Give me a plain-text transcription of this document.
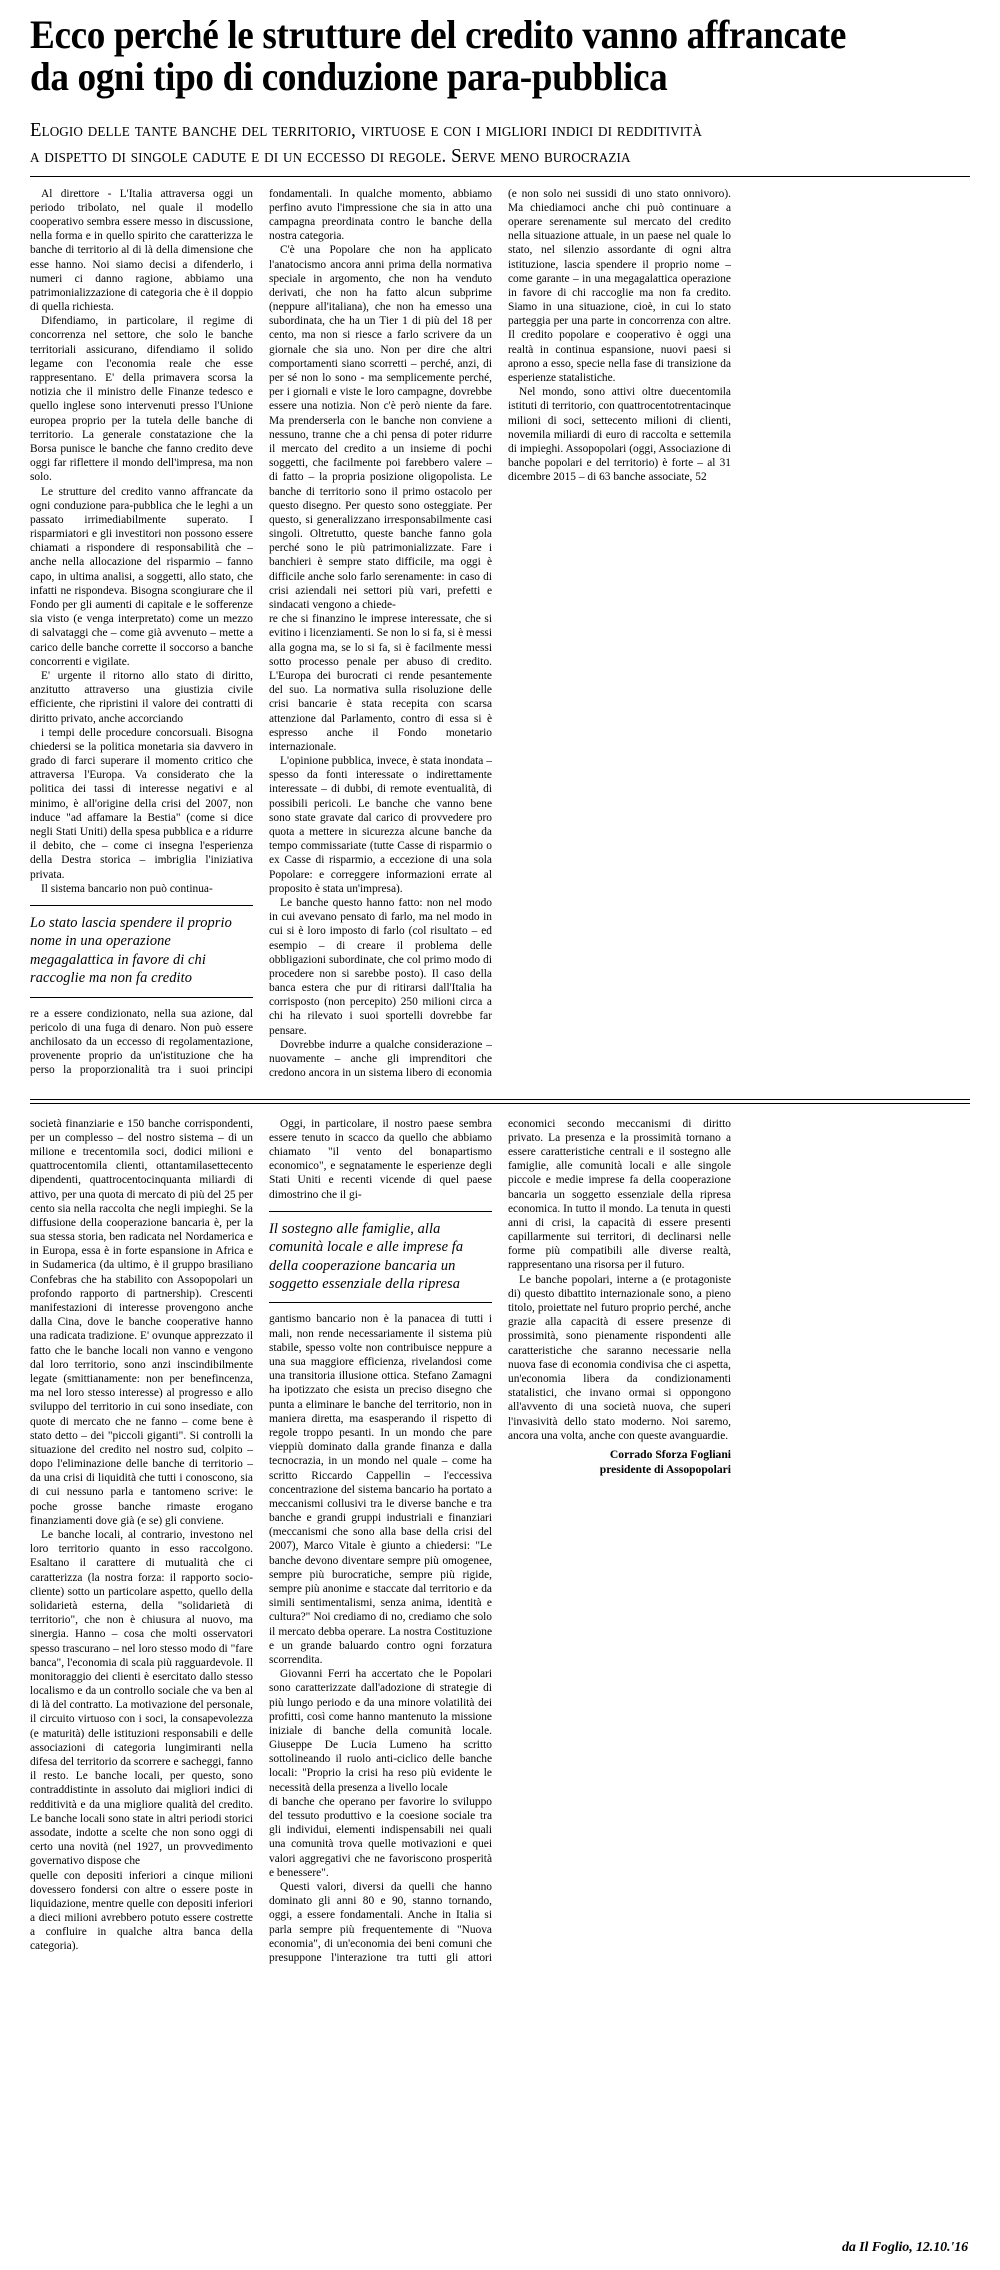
Ecco perché le strutture del credito vanno affrancate
da ogni tipo di conduzione para-pubblica
Elogio delle tante banche del territorio, virtuose e con i migliori indici di redditività
a dispetto di singole cadute e di un eccesso di regole. Serve meno burocrazia

Al direttore - L'Italia attraversa oggi un periodo tribolato, nel quale il modello cooperativo sembra essere messo in discussione, nella forma e in quello spirito che caratterizza le banche di territorio al di là della dimensione che esse hanno. Noi siamo decisi a difenderlo, i numeri ci danno ragione, abbiamo una patrimonializzazione di categoria che è il doppio di quella richiesta.

Difendiamo, in particolare, il regime di concorrenza nel settore, che solo le banche territoriali assicurano, difendiamo il solido legame con l'economia reale che esse rappresentano. E' della primavera scorsa la notizia che il ministro delle Finanze tedesco e quello inglese sono intervenuti presso l'Unione europea proprio per la tutela delle banche di territorio. La generale constatazione che la Borsa punisce le banche che fanno credito deve oggi far riflettere il mondo dell'impresa, ma non solo.

Le strutture del credito vanno affrancate da ogni conduzione para-pubblica che le leghi a un passato irrimediabilmente superato. I risparmiatori e gli investitori non possono essere chiamati a rispondere di responsabilità che – anche nella allocazione del risparmio – fanno capo, in ultima analisi, a soggetti, allo stato, che infatti ne rispondeva. Bisogna scongiurare che il Fondo per gli aumenti di capitale e le sofferenze sia visto (e venga interpretato) come un mezzo di salvataggi che – come già avvenuto – mette a carico delle banche corrette il soccorso a banche concorrenti e vigilate.

E' urgente il ritorno allo stato di diritto, anzitutto attraverso una giustizia civile efficiente, che ripristini il valore dei contratti di diritto privato, anche accorciando

i tempi delle procedure concorsuali. Bisogna chiedersi se la politica monetaria sia davvero in grado di farci superare il momento critico che attraversa l'Europa. Va considerato che la politica dei tassi di interesse negativi e al minimo, è all'origine della crisi del 2007, non induce "ad affamare la Bestia" (come si dice negli Stati Uniti) della spesa pubblica e a ridurre il debito, che – come ci insegna l'esperienza della Destra storica – imbriglia l'iniziativa privata.

Il sistema bancario non può continua-

Lo stato lascia spendere il proprio nome in una operazione megagalattica in favore di chi raccoglie ma non fa credito

re a essere condizionato, nella sua azione, dal pericolo di una fuga di denaro. Non può essere anchilosato da un eccesso di regolamentazione, provenente proprio da un'istituzione che ha perso la proporzionalità tra i suoi principi fondamentali. In qualche momento, abbiamo perfino avuto l'impressione che sia in atto una campagna preordinata contro le banche della nostra categoria.

C'è una Popolare che non ha applicato l'anatocismo ancora anni prima della normativa speciale in argomento, che non ha venduto derivati, che non ha fatto alcun subprime (neppure all'italiana), che non ha emesso una subordinata, che ha un Tier 1 di più del 18 per cento, ma non si riesce a farlo scrivere da un giornale che sia uno. Non per dire che altri comportamenti siano scorretti – perché, anzi, di per sé non lo sono - ma semplicemente perché, per i giornali e viste le loro campagne, dovrebbe essere una notizia. Non c'è però niente da fare. Ma prenderserla con le banche non conviene a nessuno, tranne che a chi pensa di poter ridurre il mercato del credito a un insieme di pochi soggetti, che facilmente poi farebbero valere – di fatto – la propria posizione oligopolista. Le banche di territorio sono il primo ostacolo per questo disegno. Per questo sono osteggiate. Per questo, si generalizzano irresponsabilmente casi singoli. Oltretutto, queste banche fanno gola perché sono le più patrimonializzate. Fare i banchieri è sempre stato difficile, ma oggi è difficile anche solo farlo serenamente: in caso di crisi aziendali nei settori più vari, prefetti e sindacati vengono a chiede-

re che si finanzino le imprese interessate, che si evitino i licenziamenti. Se non lo si fa, si è messi alla gogna ma, se lo si fa, si è facilmente messi sotto processo penale per abuso di credito. L'Europa dei burocrati ci rende pesantemente del suo. La normativa sulla risoluzione delle crisi bancarie è stata recepita con scarsa attenzione dal Parlamento, contro di essa si è espresso anche il Fondo monetario internazionale.

L'opinione pubblica, invece, è stata inondata – spesso da fonti interessate o indirettamente interessate – di dubbi, di remote eventualità, di possibili pericoli. Le banche che vanno bene sono state gravate dal carico di provvedere pro quota a mettere in sicurezza alcune banche da tempo commissariate (tutte Casse di risparmio o ex Casse di risparmio, a eccezione di una sola Popolare: e correggere informazioni errate al proposito è stata un'impresa).

Le banche questo hanno fatto: non nel modo in cui avevano pensato di farlo, ma nel modo in cui si è loro imposto di farlo (col risultato – ed esempio – di creare il problema delle obbligazioni subordinate, che col primo modo di procedere non si sarebbe posto). Il caso della banca estera che pur di ritirarsi dall'Italia ha corrisposto (non percepito) 250 milioni circa a chi ha rilevato i suoi sportelli dovrebbe far pensare.

Dovrebbe indurre a qualche considerazione – nuovamente – anche gli imprenditori che credono ancora in un sistema libero di economia (e non solo nei sussidi di uno stato onnivoro). Ma chiediamoci anche chi può continuare a operare serenamente sul mercato del credito nella situazione attuale, in un paese nel quale lo stato, nel silenzio assordante di ogni altra istituzione, lascia spendere il proprio nome – come garante – in una megagalattica operazione in favore di chi raccoglie ma non fa credito. Siamo in una situazione, cioè, in cui lo stato parteggia per una parte in concorrenza con altre. Il credito popolare e cooperativo è oggi una realtà in continua espansione, nuovi paesi si aprono a esso, specie nella fase di transizione da esperienze statalistiche.

Nel mondo, sono attivi oltre duecentomila istituti di territorio, con quattrocentotrentacinque milioni di soci, settecento milioni di clienti, novemila miliardi di euro di raccolta e settemila di impieghi. Assopopolari (oggi, Associazione di banche popolari e del territorio) è forte – al 31 dicembre 2015 – di 63 banche associate, 52

società finanziarie e 150 banche corrispondenti, per un complesso – del nostro sistema – di un milione e trecentomila soci, dodici milioni e quattrocentomila clienti, ottantamilasettecento dipendenti, quattrocentocinquanta miliardi di attivo, per una quota di mercato di più del 25 per cento sia nella raccolta che negli impieghi. Se la diffusione della cooperazione bancaria è, per la sua stessa storia, ben radicata nel Nordamerica e in Europa, essa è in forte espansione in Africa e in Sudamerica (da ultimo, è il gruppo brasiliano Confebras che ha stabilito con Assopopolari un profondo rapporto di partnership). Crescenti manifestazioni di interesse provengono anche dalla Cina, dove le banche cooperative hanno una radicata tradizione. E' ovunque apprezzato il fatto che le banche locali non vanno e vengono dal loro territorio, sono anzi inscindibilmente legate (smittianamente: non per benefincenza, ma nel loro stesso interesse) al progresso e allo sviluppo del territorio in cui sono insediate, con quote di mercato che ne fanno – come bene è stato detto – dei "piccoli giganti". Si controlli la situazione del credito nel nostro sud, colpito – dopo l'eliminazione delle banche di territorio – da una crisi di liquidità che tutti i conoscono, sia di cui nessuno parla e tantomeno scrive: le poche grosse banche rimaste erogano finanziamenti dove già (e se) gli conviene.

Le banche locali, al contrario, investono nel loro territorio quanto in esso raccolgono. Esaltano il carattere di mutualità che ci caratterizza (la nostra forza: il rapporto socio-cliente) sotto un particolare aspetto, quello della solidarietà esterna, della "solidarietà di territorio", che non è chiusura al nuovo, ma sinergia. Hanno – cosa che molti osservatori spesso trascurano – nel loro stesso modo di "fare banca", l'economia di scala più ragguardevole. Il monitoraggio dei clienti è esercitato dallo stesso localismo e da un controllo sociale che va ben al di là del contratto. La motivazione del personale, il circuito virtuoso con i soci, la consapevolezza (e maturità) delle istituzioni responsabili e delle associazioni di categoria lungimiranti nella difesa del territorio da scorrere e sacheggi, fanno il resto. Le banche locali, per questo, sono contraddistinte in assoluto dai migliori indici di redditività e da una migliore qualità del credito. Le banche locali sono state in altri periodi storici assodate, indotte a scelte che non sono oggi di certo una novità (nel 1927, un provvedimento governativo dispose che

quelle con depositi inferiori a cinque milioni dovessero fondersi con altre o essere poste in liquidazione, mentre quelle con depositi inferiori a dieci milioni avrebbero potuto essere costrette a confluire in qualche altra banca della categoria).

Oggi, in particolare, il nostro paese sembra essere tenuto in scacco da quello che abbiamo chiamato "il vento del bonapartismo economico", e segnatamente le esperienze degli Stati Uniti e recenti vicende di quel paese dimostrino che il gi-

Il sostegno alle famiglie, alla comunità locale e alle imprese fa della cooperazione bancaria un soggetto essenziale della ripresa

gantismo bancario non è la panacea di tutti i mali, non rende necessariamente il sistema più stabile, spesso volte non contribuisce neppure a una sua maggiore efficienza, rivelandosi come una transitoria illusione ottica. Stefano Zamagni ha ipotizzato che esista un preciso disegno che punta a eliminare le banche del territorio, non in maniera diretta, ma esasperando il rispetto di regole troppo pesanti. In un mondo che pare vieppiù dominato dalla grande finanza e dalla tecnocrazia, in un mondo nel quale – come ha scritto Riccardo Cappellin – l'eccessiva concentrazione del sistema bancario ha portato a meccanismi collusivi tra le diverse banche e tra banche e grandi gruppi industriali e finanziari (meccanismi che sono alla base della crisi del 2007), Marco Vitale è giunto a chiedersi: "Le banche devono diventare sempre più omogenee, sempre più burocratiche, sempre più rigide, sempre più anonime e staccate dal territorio e da simili sentimentalismi, senza anima, identità e cultura?" Noi crediamo di no, crediamo che solo il mercato debba operare. La nostra Costituzione e un grande baluardo contro ogni forzatura scorrendita.

Giovanni Ferri ha accertato che le Popolari sono caratterizzate dall'adozione di strategie di più lungo periodo e da una minore volatilità dei profitti, così come hanno mantenuto la missione iniziale di banche della comunità locale. Giuseppe De Lucia Lumeno ha scritto sottolineando il ruolo anti-ciclico delle banche locali: "Proprio la crisi ha reso più evidente le necessità della presenza a livello locale

di banche che operano per favorire lo sviluppo del tessuto produttivo e la coesione sociale tra gli individui, elementi indispensabili nei quali una comunità trova quelle motivazioni e quei valori aggregativi che ne favoriscono prosperità e benessere".

Questi valori, diversi da quelli che hanno dominato gli anni 80 e 90, stanno tornando, oggi, a essere fondamentali. Anche in Italia si parla sempre più frequentemente di "Nuova economia", di un'economia dei beni comuni che presuppone l'interazione tra tutti gli attori economici secondo meccanismi di diritto privato. La presenza e la prossimità tornano a essere caratteristiche centrali e il sostegno alle famiglie, alle comunità locali e alle singole piccole e medie imprese fa della cooperazione bancaria un soggetto essenziale della ripresa economica. In tutto il mondo. La tenuta in questi anni di crisi, la capacità di essere presenti capillarmente sui territori, di declinarsi nelle forme più compatibili alle diverse realtà, rappresentano una risorsa per il futuro.

Le banche popolari, interne a (e protagoniste di) questo dibattito internazionale sono, a pieno titolo, proiettate nel futuro proprio perché, anche grazie alla capacità di essere presenze di prossimità, sono pienamente rispondenti alle caratteristiche che saranno necessarie nella nuova fase di economia condivisa che ci aspetta, un'economia libera da condizionamenti statalistici, che invano ormai si oppongono all'avvento di una società nuova, che superi l'invasività dello stato moderno. Noi saremo, ancora una volta, anche con queste avanguardie.

Corrado Sforza Fogliani
presidente di Assopopolari
da Il Foglio, 12.10.'16
